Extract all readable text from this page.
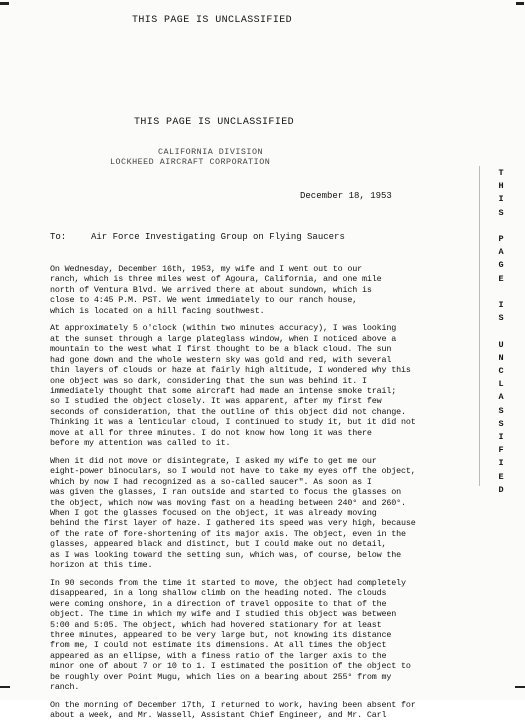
THIS PAGE IS UNCLASSIFIED
THIS PAGE IS UNCLASSIFIED
CALIFORNIA DIVISION
LOCKHEED AIRCRAFT CORPORATION
December 18, 1953
To:	Air Force Investigating Group on Flying Saucers
T
H
I
S

P
A
G
E

I
S

U
N
C
L
A
S
S
I
F
I
E
D

On Wednesday, December 16th, 1953, my wife and I went out to our
ranch, which is three miles west of Agoura, California, and one mile
north of Ventura Blvd. We arrived there at about sundown, which is
close to 4:45 P.M. PST. We went immediately to our ranch house,
which is located on a hill facing southwest.

At approximately 5 o'clock (within two minutes accuracy), I was looking
at the sunset through a large plateglass window, when I noticed above a
mountain to the west what I first thought to be a black cloud. The sun
had gone down and the whole western sky was gold and red, with several
thin layers of clouds or haze at fairly high altitude, I wondered why this
one object was so dark, considering that the sun was behind it. I
immediately thought that some aircraft had made an intense smoke trail;
so I studied the object closely. It was apparent, after my first few
seconds of consideration, that the outline of this object did not change.
Thinking it was a lenticular cloud, I continued to study it, but it did not
move at all for three minutes. I do not know how long it was there
before my attention was called to it.

When it did not move or disintegrate, I asked my wife to get me our
eight-power binoculars, so I would not have to take my eyes off the object,
which by now I had recognized as a so-called saucer". As soon as I
was given the glasses, I ran outside and started to focus the glasses on
the object, which now was moving fast on a heading between 240° and 260°.
When I got the glasses focused on the object, it was already moving
behind the first layer of haze. I gathered its speed was very high, because
of the rate of fore-shortening of its major axis. The object, even in the
glasses, appeared black and distinct, but I could make out no detail,
as I was looking toward the setting sun, which was, of course, below the
horizon at this time.

In 90 seconds from the time it started to move, the object had completely
disappeared, in a long shallow climb on the heading noted. The clouds
were coming onshore, in a direction of travel opposite to that of the
object. The time in which my wife and I studied this object was between
5:00 and 5:05. The object, which had hovered stationary for at least
three minutes, appeared to be very large but, not knowing its distance
from me, I could not estimate its dimensions. At all times the object
appeared as an ellipse, with a finess ratio of the larger axis to the
minor one of about 7 or 10 to 1. I estimated the position of the object to
be roughly over Point Mugu, which lies on a bearing about 255° from my
ranch.

On the morning of December 17th, I returned to work, having been absent for
about a week, and Mr. Wassell, Assistant Chief Engineer, and Mr. Carl
